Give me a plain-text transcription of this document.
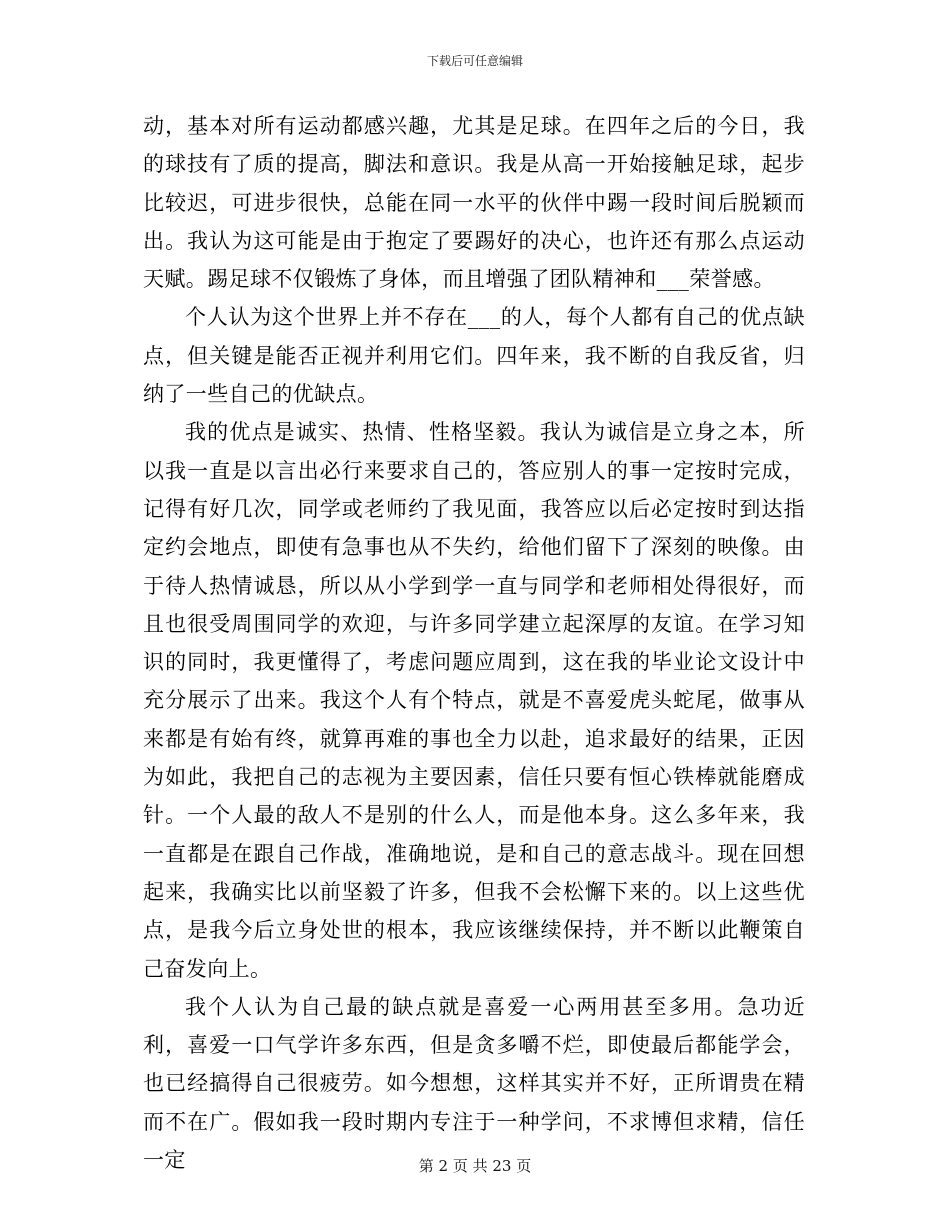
下载后可任意编辑

动，基本对所有运动都感兴趣，尤其是足球。在四年之后的今日，我的球技有了质的提高，脚法和意识。我是从高一开始接触足球，起步比较迟，可进步很快，总能在同一水平的伙伴中踢一段时间后脱颖而出。我认为这可能是由于抱定了要踢好的决心，也许还有那么点运动天赋。踢足球不仅锻炼了身体，而且增强了团队精神和___荣誉感。

个人认为这个世界上并不存在___的人，每个人都有自己的优点缺点，但关键是能否正视并利用它们。四年来，我不断的自我反省，归纳了一些自己的优缺点。

我的优点是诚实、热情、性格坚毅。我认为诚信是立身之本，所以我一直是以言出必行来要求自己的，答应别人的事一定按时完成，记得有好几次，同学或老师约了我见面，我答应以后必定按时到达指定约会地点，即使有急事也从不失约，给他们留下了深刻的映像。由于待人热情诚恳，所以从小学到学一直与同学和老师相处得很好，而且也很受周围同学的欢迎，与许多同学建立起深厚的友谊。在学习知识的同时，我更懂得了，考虑问题应周到，这在我的毕业论文设计中充分展示了出来。我这个人有个特点，就是不喜爱虎头蛇尾，做事从来都是有始有终，就算再难的事也全力以赴，追求最好的结果，正因为如此，我把自己的志视为主要因素，信任只要有恒心铁棒就能磨成针。一个人最的敌人不是别的什么人，而是他本身。这么多年来，我一直都是在跟自己作战，准确地说，是和自己的意志战斗。现在回想起来，我确实比以前坚毅了许多，但我不会松懈下来的。以上这些优点，是我今后立身处世的根本，我应该继续保持，并不断以此鞭策自己奋发向上。

我个人认为自己最的缺点就是喜爱一心两用甚至多用。急功近利，喜爱一口气学许多东西，但是贪多嚼不烂，即使最后都能学会，也已经搞得自己很疲劳。如今想想，这样其实并不好，正所谓贵在精而不在广。假如我一段时期内专注于一种学问，不求博但求精，信任一定	第 2 页 共 23 页
